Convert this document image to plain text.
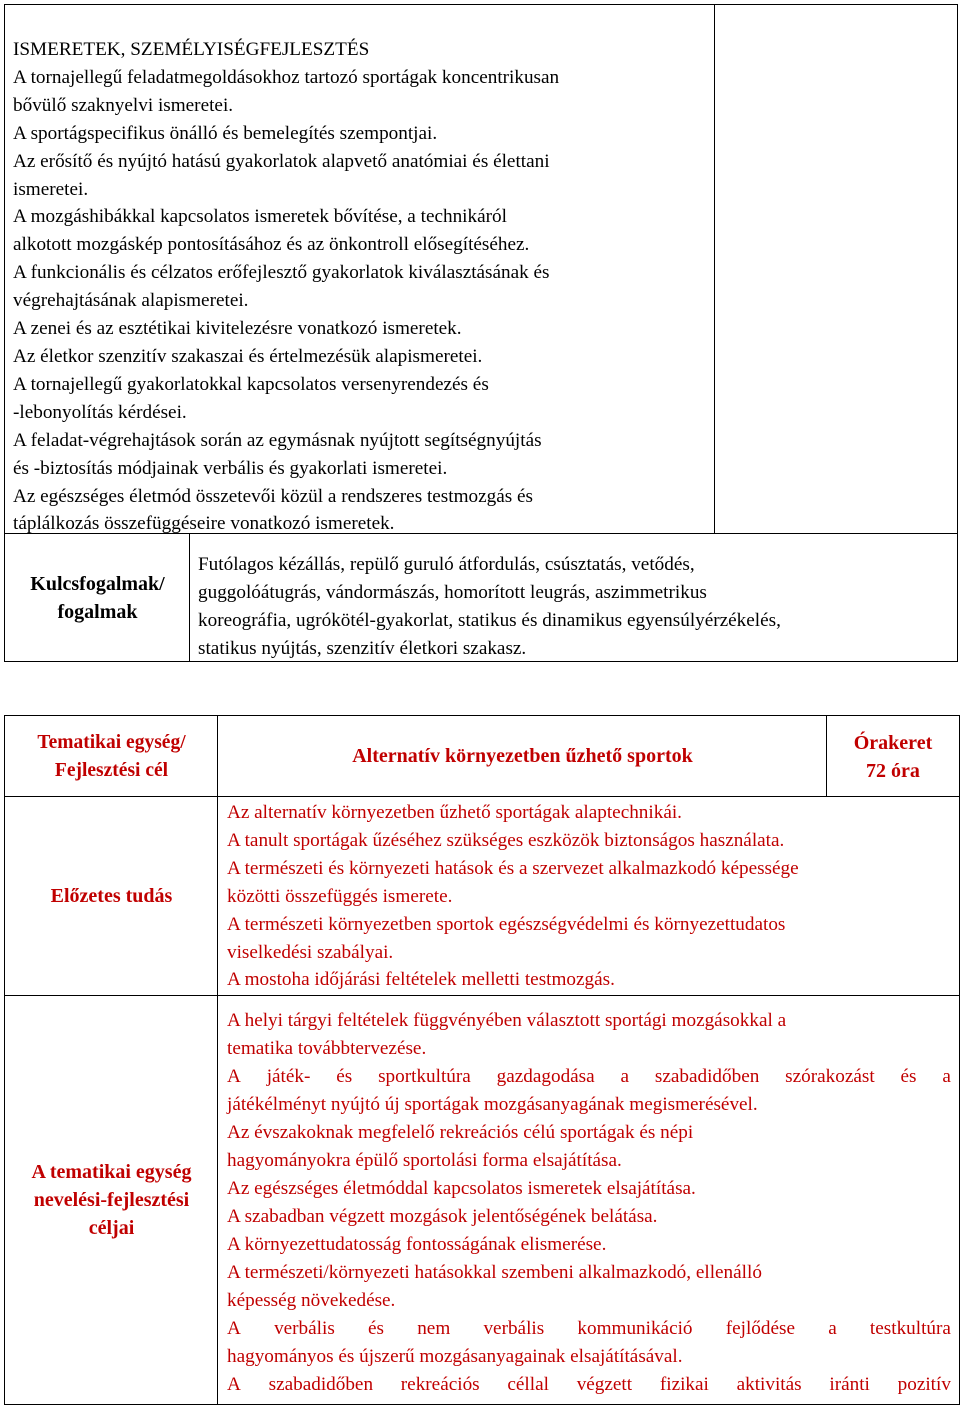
ISMERETEK, SZEMÉLYISÉGFEJLESZTÉS
A tornajellegű feladatmegoldásokhoz tartozó sportágak koncentrikusan
bővülő szaknyelvi ismeretei.
A sportágspecifikus önálló és bemelegítés szempontjai.
Az erősítő és nyújtó hatású gyakorlatok alapvető anatómiai és élettani
ismeretei.
A mozgáshibákkal kapcsolatos ismeretek bővítése, a technikáról
alkotott mozgáskép pontosításához és az önkontroll elősegítéséhez.
A funkcionális és célzatos erőfejlesztő gyakorlatok kiválasztásának és
végrehajtásának alapismeretei.
A zenei és az esztétikai kivitelezésre vonatkozó ismeretek.
Az életkor szenzitív szakaszai és értelmezésük alapismeretei.
A tornajellegű gyakorlatokkal kapcsolatos versenyrendezés és
-lebonyolítás kérdései.
A feladat-végrehajtások során az egymásnak nyújtott segítségnyújtás
és -biztosítás módjainak verbális és gyakorlati ismeretei.
Az egészséges életmód összetevői közül a rendszeres testmozgás és
táplálkozás összefüggéseire vonatkozó ismeretek.
Kulcsfogalmak/
fogalmak
Futólagos kézállás, repülő guruló átfordulás, csúsztatás, vetődés,
guggolóátugrás, vándormászás, homorított leugrás, aszimmetrikus
koreográfia, ugrókötél-gyakorlat, statikus és dinamikus egyensúlyérzékelés,
statikus nyújtás, szenzitív életkori szakasz.
Tematikai egység/
Fejlesztési cél
Alternatív környezetben űzhető sportok
Órakeret
72 óra
Előzetes tudás
Az alternatív környezetben űzhető sportágak alaptechnikái.
A tanult sportágak űzéséhez szükséges eszközök biztonságos használata.
A természeti és környezeti hatások és a szervezet alkalmazkodó képessége
közötti összefüggés ismerete.
A természeti környezetben sportok egészségvédelmi és környezettudatos
viselkedési szabályai.
A mostoha időjárási feltételek melletti testmozgás.
A tematikai egység
nevelési-fejlesztési
céljai
A helyi tárgyi feltételek függvényében választott sportági mozgásokkal a
tematika továbbtervezése.
A játék- és sportkultúra gazdagodása a szabadidőben szórakozást és a
játékélményt nyújtó új sportágak mozgásanyagának megismerésével.
Az évszakoknak megfelelő rekreációs célú sportágak és népi
hagyományokra épülő sportolási forma elsajátítása.
Az egészséges életmóddal kapcsolatos ismeretek elsajátítása.
A szabadban végzett mozgások jelentőségének belátása.
A környezettudatosság fontosságának elismerése.
A természeti/környezeti hatásokkal szembeni alkalmazkodó, ellenálló
képesség növekedése.
A verbális és nem verbális kommunikáció fejlődése a testkultúra
hagyományos és újszerű mozgásanyagainak elsajátításával.
A szabadidőben rekreációs céllal végzett fizikai aktivitás iránti pozitív
